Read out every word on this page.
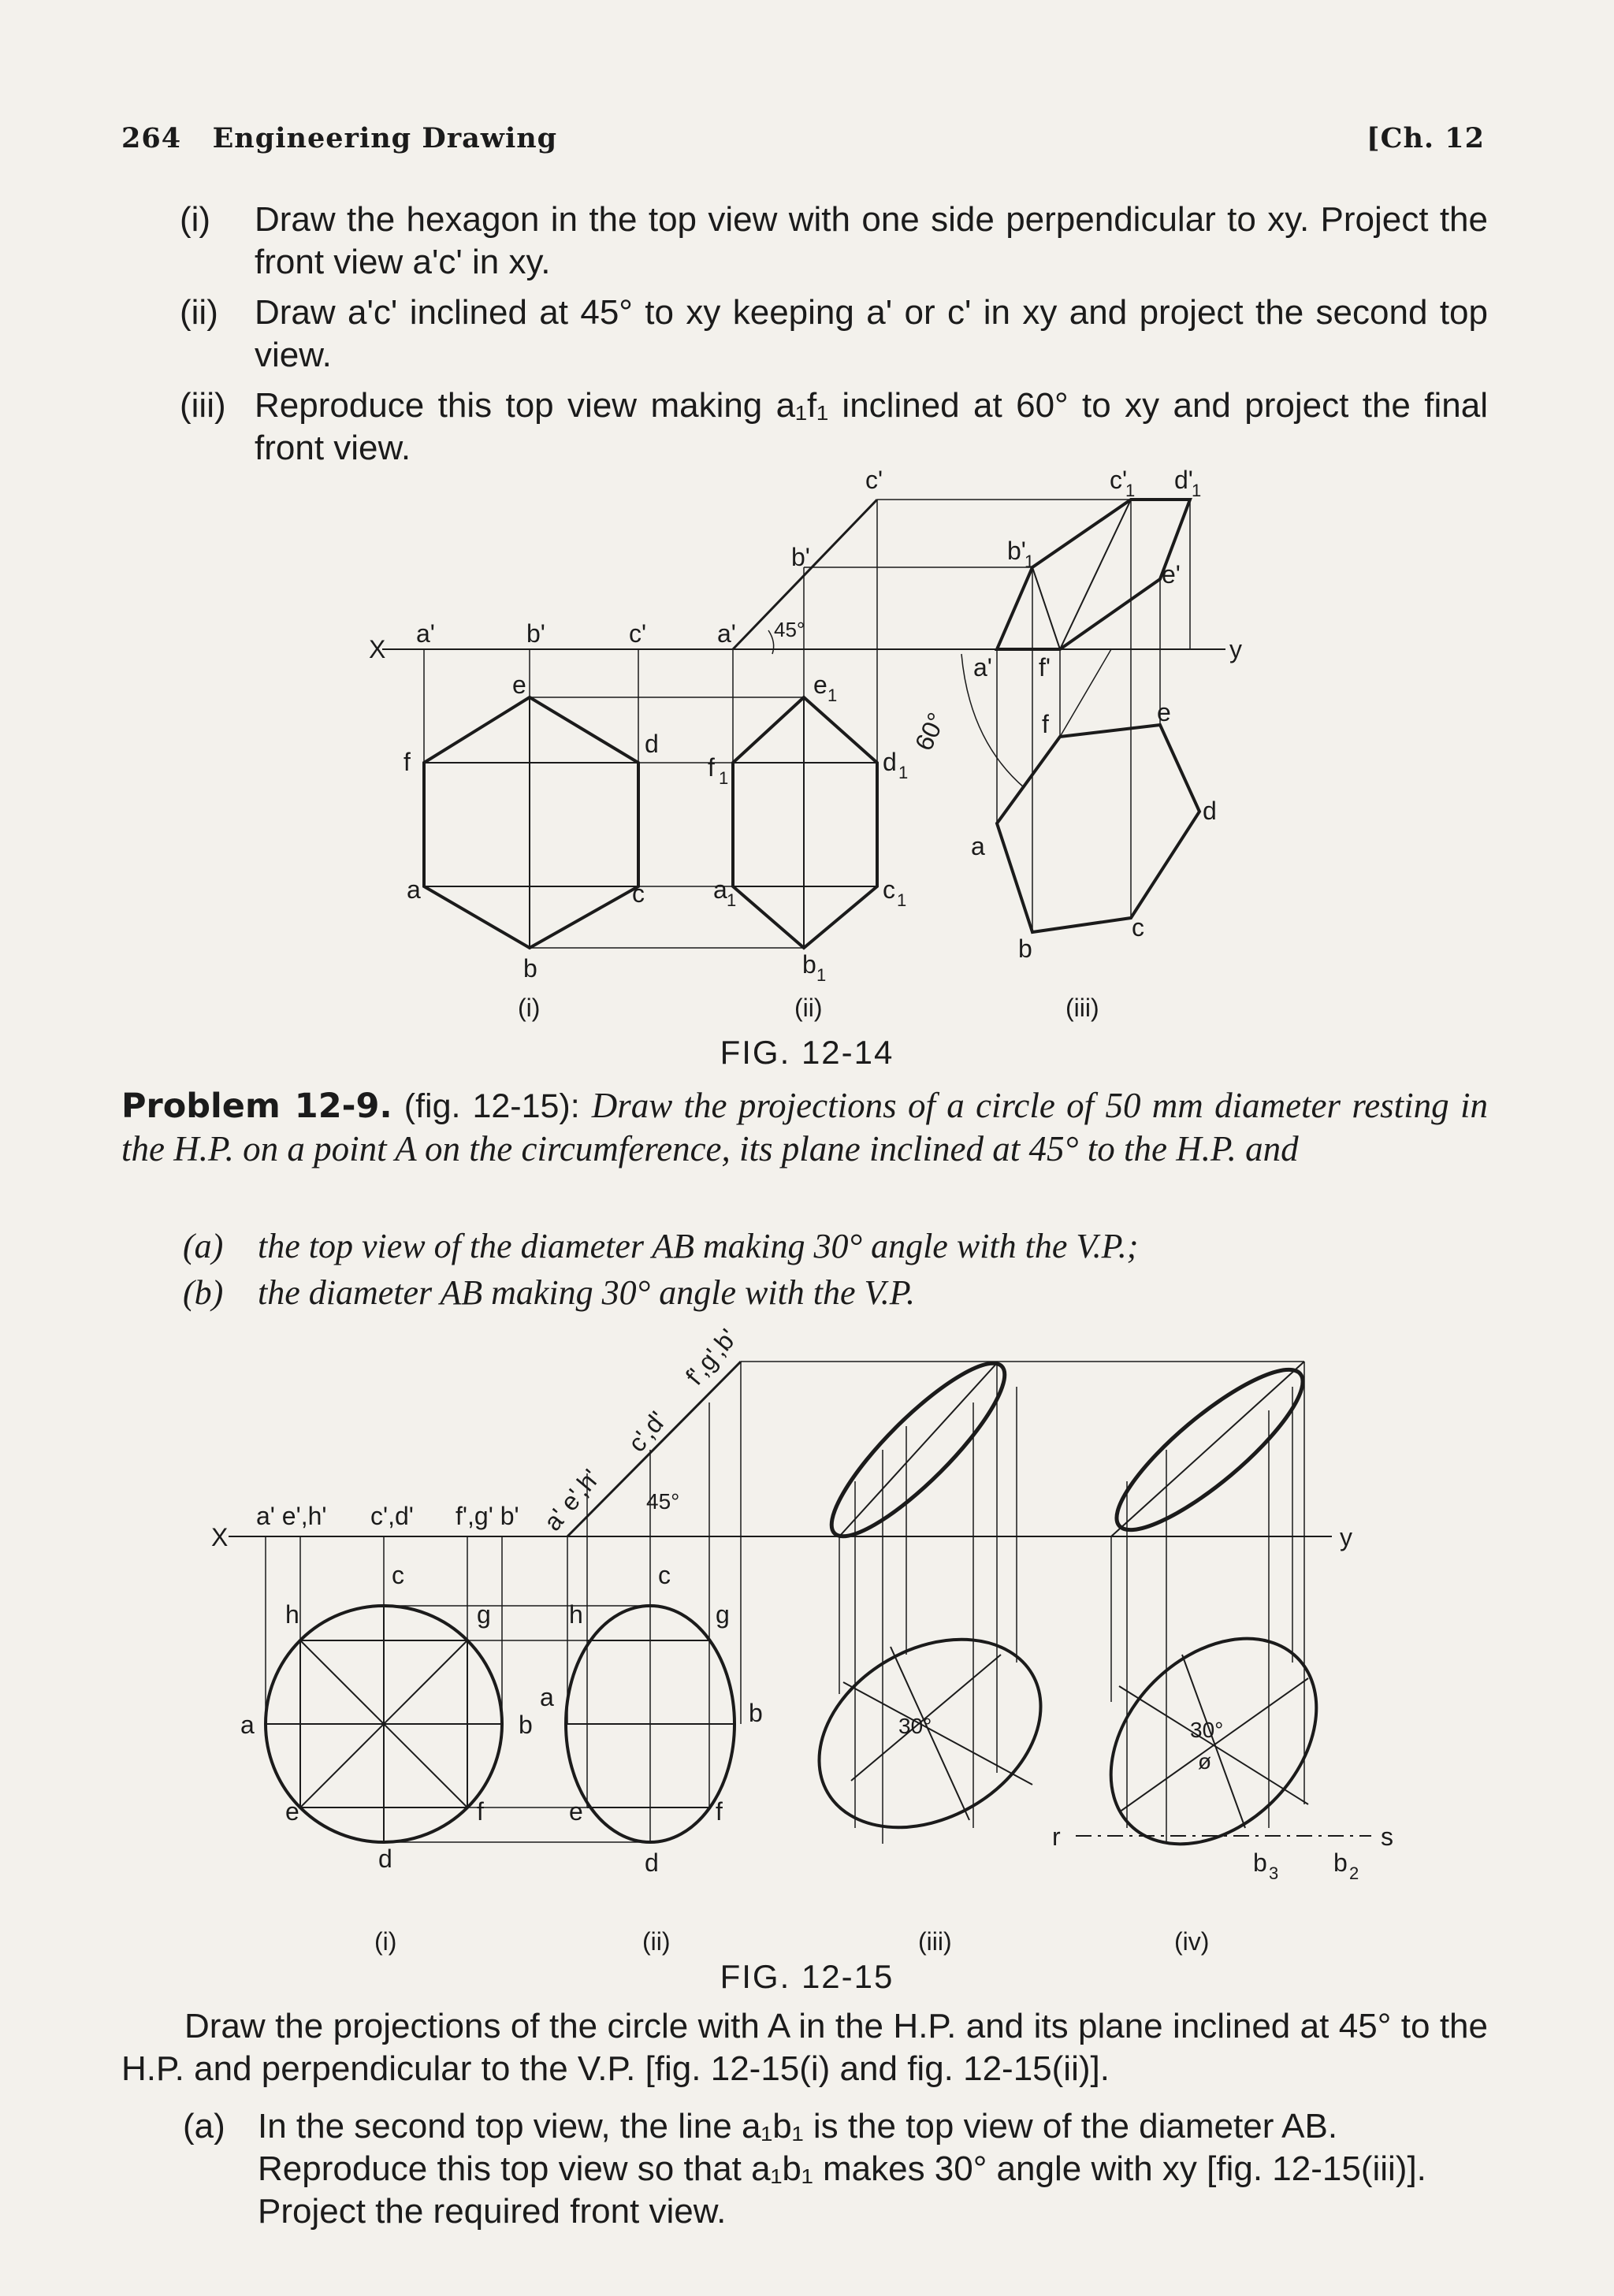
264 Engineering Drawing	[Ch. 12
(i)	Draw the hexagon in the top view with one side perpendicular to xy. Project the front view a'c' in xy.
(ii)	Draw a'c' inclined at 45° to xy keeping a' or c' in xy and project the second top view.
(iii) Reproduce this top view making a₁f₁ inclined at 60° to xy and project the final front view.
X	y
a'	b'	c'
e
f
d
a	c
b
a'
b'
c'
45°
e 1
f 1
d 1
a 1	c 1
b 1
b'
1
c'
1 d'
1
e'
a' f'
f	e
d
a
c
b
60°
(i)	(ii)	(iii)
FIG. 12-14
Problem 12-9. (fig. 12-15): Draw the projections of a circle of 50 mm diameter resting in the H.P. on a point A on the circumference, its plane inclined at 45° to the H.P. and
(a) the top view of the diameter AB making 30° angle with the V.P.;
(b) the diameter AB making 30° angle with the V.P.
X	y
a' e',h' c',d' f',g' b' a' e',h'
c',d'
f',g',b'
45°
a	b
c
d
e	f
g
h
c
h	g
a
b
e	f
d
30°	30°
ø
r	s
b 3 b 2
(i)	(ii)	(iii)	(iv)
FIG. 12-15
Draw the projections of the circle with A in the H.P. and its plane inclined at 45° to the H.P. and perpendicular to the V.P. [fig. 12-15(i) and fig. 12-15(ii)].
(a) In the second top view, the line a₁b₁ is the top view of the diameter AB. Reproduce this top view so that a₁b₁ makes 30° angle with xy [fig. 12-15(iii)]. Project the required front view.
